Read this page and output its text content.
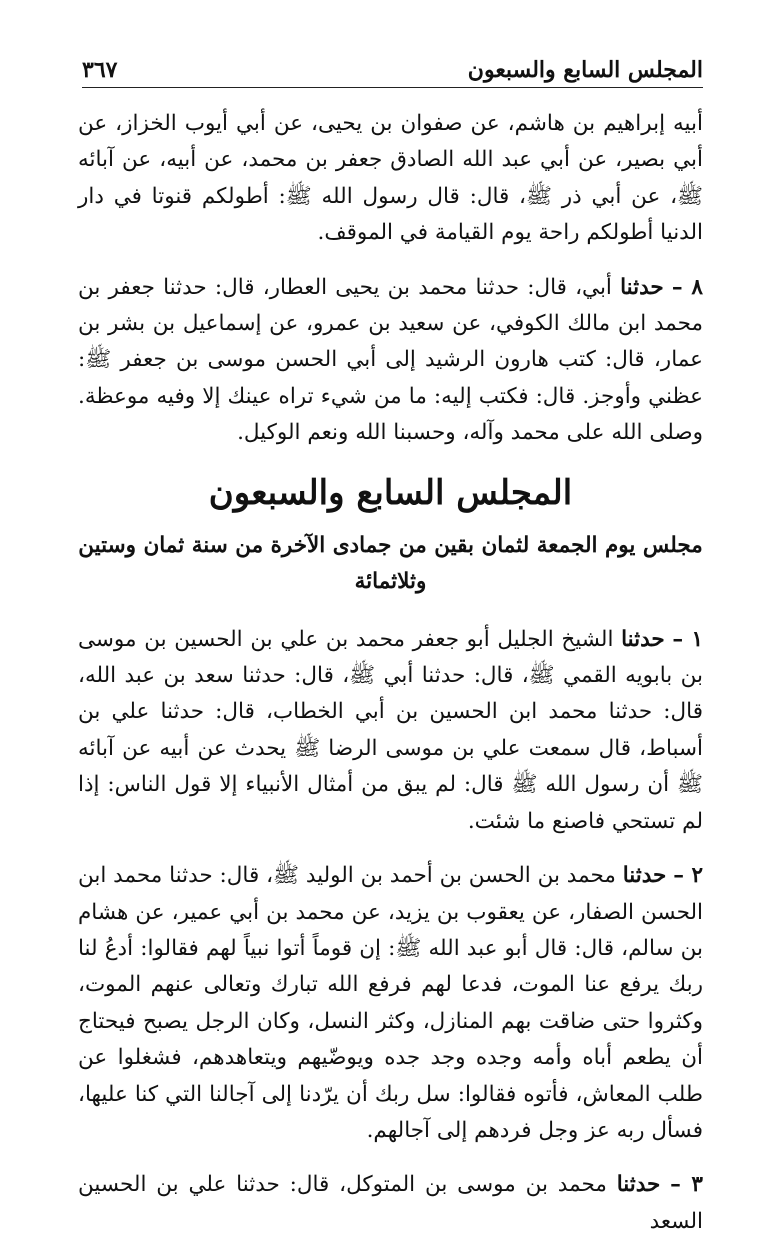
المجلس السابع والسبعون
٣٦٧

أبيه إبراهيم بن هاشم، عن صفوان بن يحيى، عن أبي أيوب الخزاز، عن أبي بصير، عن أبي عبد الله الصادق جعفر بن محمد، عن أبيه، عن آبائه ﷺ، عن أبي ذر ﷺ، قال: قال رسول الله ﷺ: أطولكم قنوتا في دار الدنيا أطولكم راحة يوم القيامة في الموقف.

٨ – حدثنا أبي، قال: حدثنا محمد بن يحيى العطار، قال: حدثنا جعفر بن محمد ابن مالك الكوفي، عن سعيد بن عمرو، عن إسماعيل بن بشر بن عمار، قال: كتب هارون الرشيد إلى أبي الحسن موسى بن جعفر ﷺ: عظني وأوجز. قال: فكتب إليه: ما من شيء تراه عينك إلا وفيه موعظة. وصلى الله على محمد وآله، وحسبنا الله ونعم الوكيل.

المجلس السابع والسبعون
مجلس يوم الجمعة لثمان بقين من جمادى الآخرة من سنة ثمان وستين وثلاثمائة

١ – حدثنا الشيخ الجليل أبو جعفر محمد بن علي بن الحسين بن موسى بن بابويه القمي ﷺ، قال: حدثنا أبي ﷺ، قال: حدثنا سعد بن عبد الله، قال: حدثنا محمد ابن الحسين بن أبي الخطاب، قال: حدثنا علي بن أسباط، قال سمعت علي بن موسى الرضا ﷺ يحدث عن أبيه عن آبائه ﷺ أن رسول الله ﷺ قال: لم يبق من أمثال الأنبياء إلا قول الناس: إذا لم تستحي فاصنع ما شئت.

٢ – حدثنا محمد بن الحسن بن أحمد بن الوليد ﷺ، قال: حدثنا محمد ابن الحسن الصفار، عن يعقوب بن يزيد، عن محمد بن أبي عمير، عن هشام بن سالم، قال: قال أبو عبد الله ﷺ: إن قوماً أتوا نبياً لهم فقالوا: أدعُ لنا ربك يرفع عنا الموت، فدعا لهم فرفع الله تبارك وتعالى عنهم الموت، وكثروا حتى ضاقت بهم المنازل، وكثر النسل، وكان الرجل يصبح فيحتاج أن يطعم أباه وأمه وجده وجد جده ويوضّيهم ويتعاهدهم، فشغلوا عن طلب المعاش، فأتوه فقالوا: سل ربك أن يرّدنا إلى آجالنا التي كنا عليها، فسأل ربه عز وجل فردهم إلى آجالهم.

٣ – حدثنا محمد بن موسى بن المتوكل، قال: حدثنا علي بن الحسين السعد
